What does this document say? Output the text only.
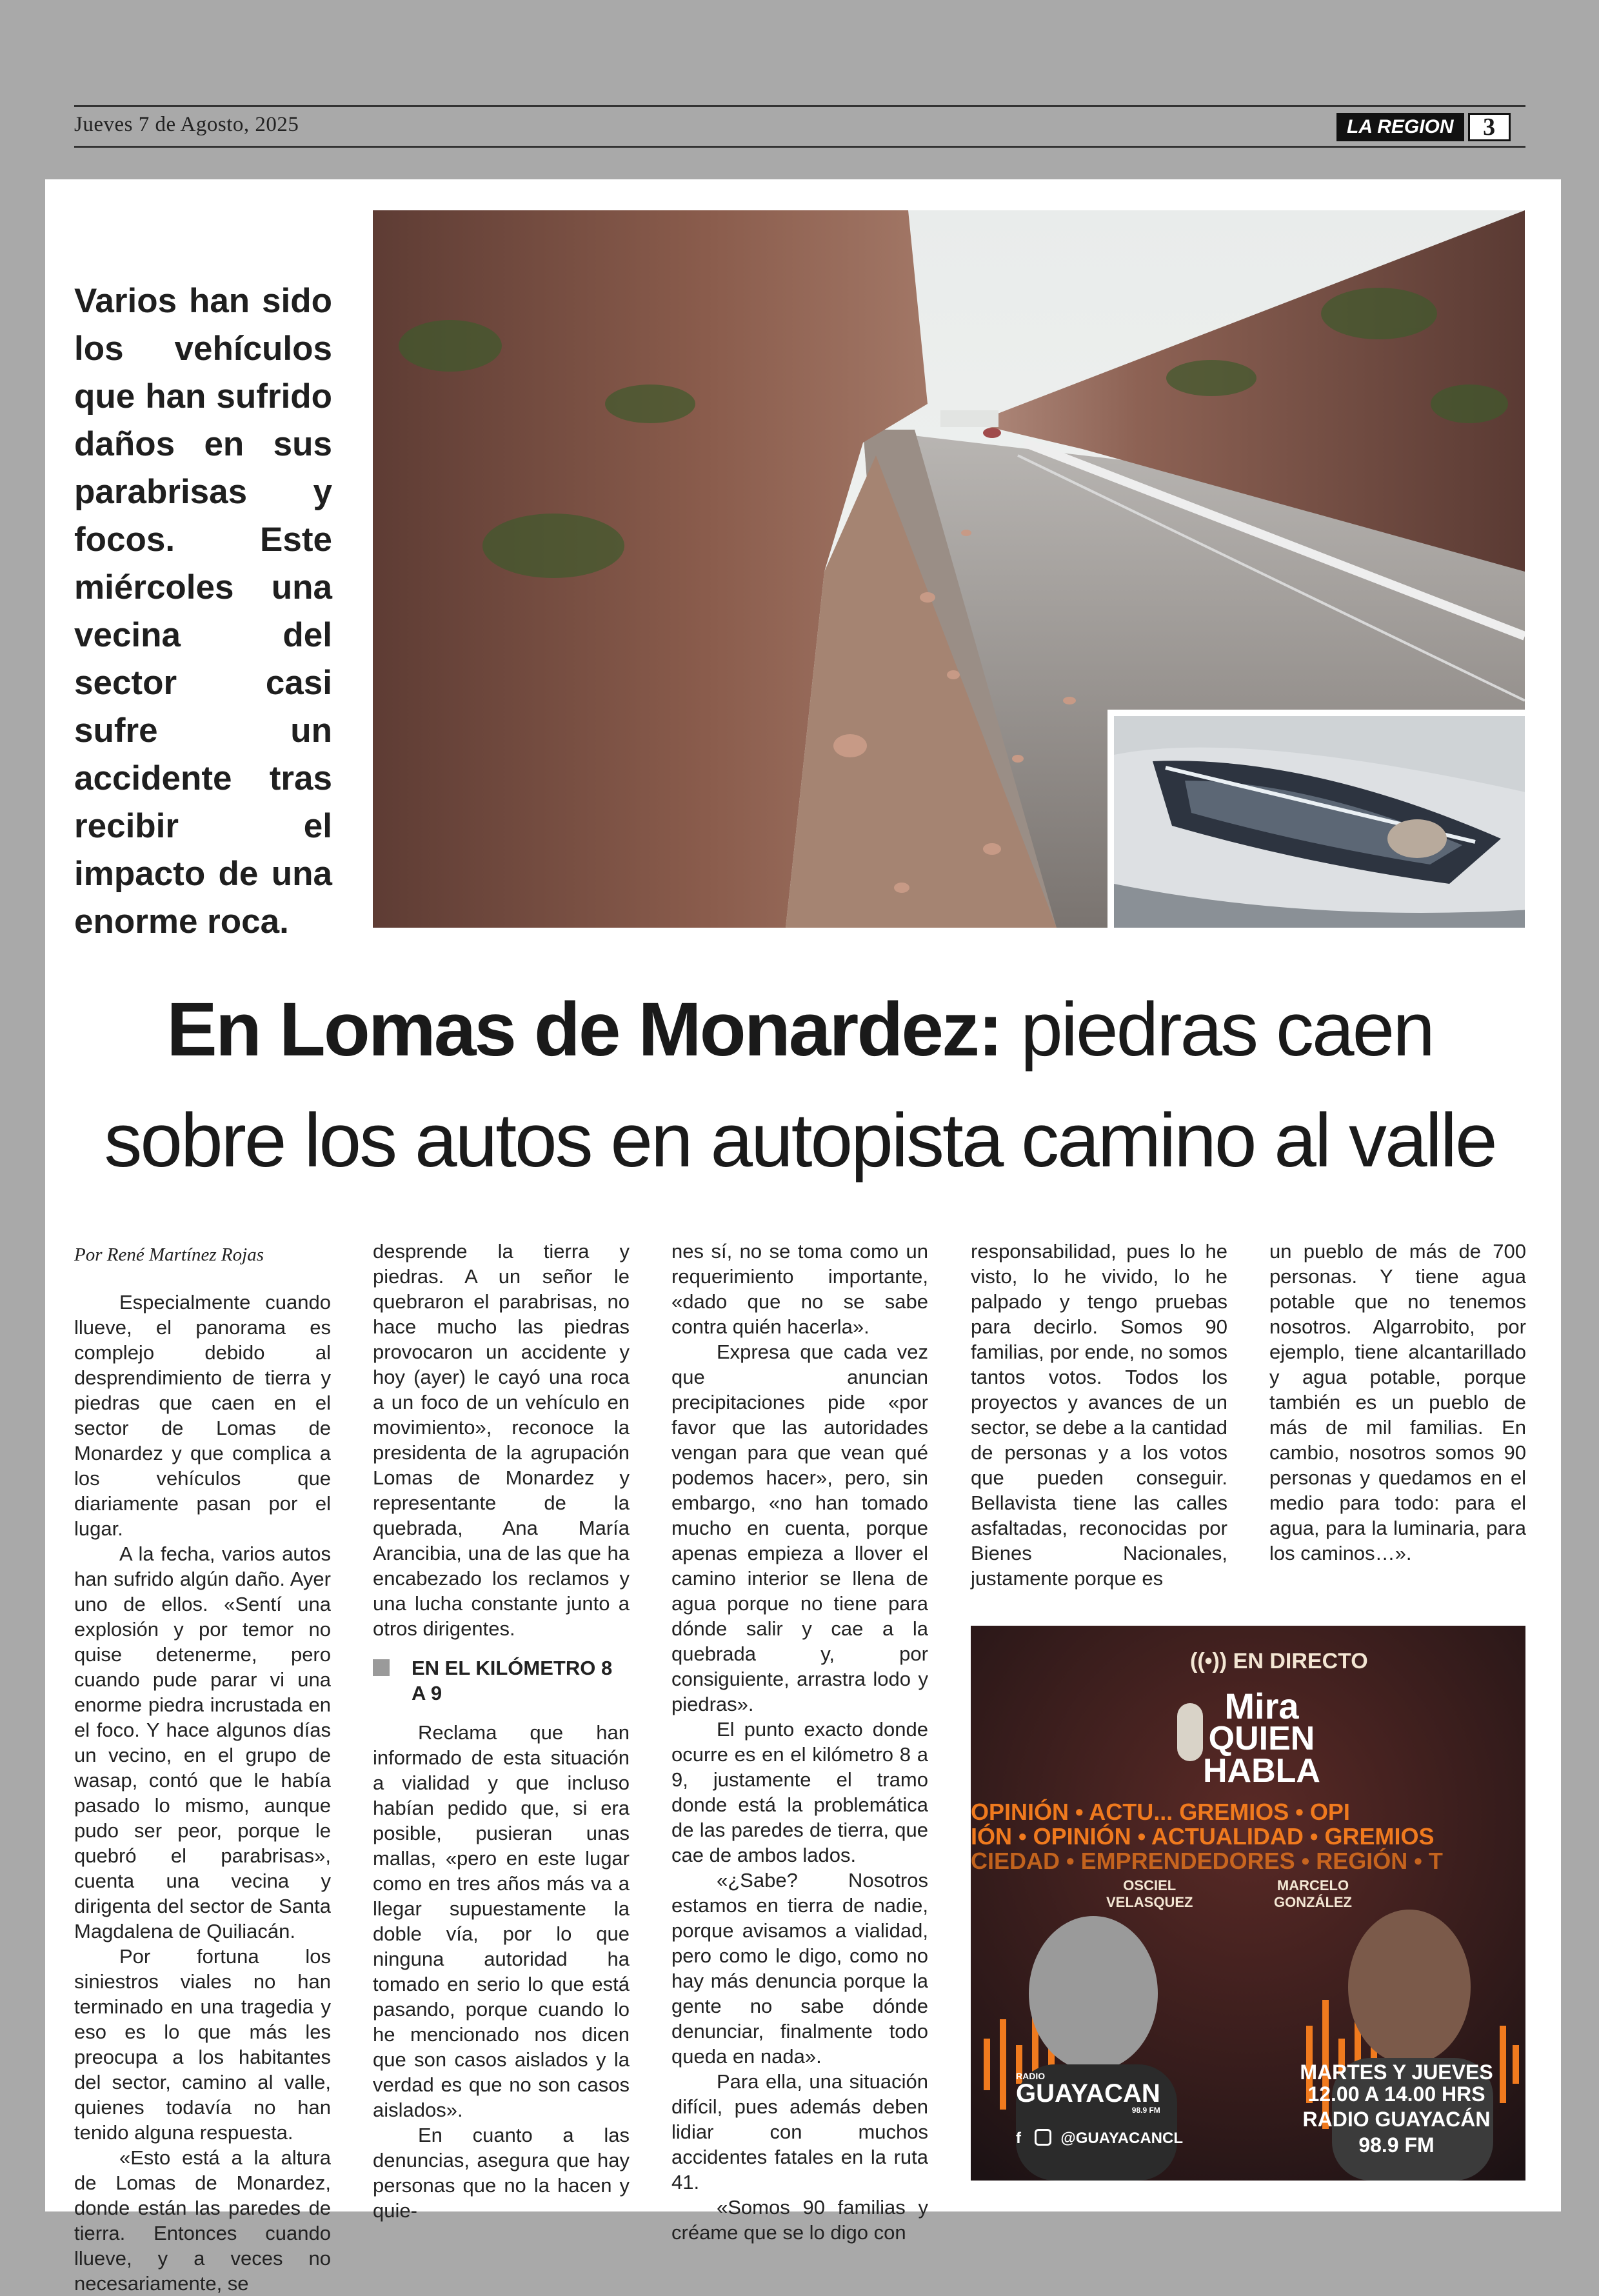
Jueves 7 de Agosto, 2025	LA REGION	3
Varios han sido los vehículos que han sufrido daños en sus parabrisas y focos. Este miércoles una vecina del sector casi sufre un accidente tras recibir el impacto de una enorme roca.
En Lomas de Monardez: piedras caen sobre los autos en autopista camino al valle
Por René Martínez Rojas

Especialmente cuando llueve, el panorama es complejo debido al desprendimiento de tierra y piedras que caen en el sector de Lomas de Monardez y que complica a los vehículos que diariamente pasan por el lugar.

A la fecha, varios autos han sufrido algún daño. Ayer uno de ellos. «Sentí una explosión y por temor no quise detenerme, pero cuando pude parar vi una enorme piedra incrustada en el foco. Y hace algunos días un vecino, en el grupo de wasap, contó que le había pasado lo mismo, aunque pudo ser peor, porque le quebró el parabrisas», cuenta una vecina y dirigenta del sector de Santa Magdalena de Quiliacán.

Por fortuna los siniestros viales no han terminado en una tragedia y eso es lo que más les preocupa a los habitantes del sector, camino al valle, quienes todavía no han tenido alguna respuesta.

«Esto está a la altura de Lomas de Monardez, donde están las paredes de tierra. Entonces cuando llueve, y a veces no necesariamente, se

desprende la tierra y piedras. A un señor le quebraron el parabrisas, no hace mucho las piedras provocaron un accidente y hoy (ayer) le cayó una roca a un foco de un vehículo en movimiento», reconoce la presidenta de la agrupación Lomas de Monardez y representante de la quebrada, Ana María Arancibia, una de las que ha encabezado los reclamos y una lucha constante junto a otros dirigentes.

EN EL KILÓMETRO 8 A 9

Reclama que han informado de esta situación a vialidad y que incluso habían pedido que, si era posible, pusieran unas mallas, «pero en este lugar como en tres años más va a llegar supuestamente la doble vía, por lo que ninguna autoridad ha tomado en serio lo que está pasando, porque cuando lo he mencionado nos dicen que son casos aislados y la verdad es que no son casos aislados».

En cuanto a las denuncias, asegura que hay personas que no la hacen y quie-

nes sí, no se toma como un requerimiento importante, «dado que no se sabe contra quién hacerla».

Expresa que cada vez que anuncian precipitaciones pide «por favor que las autoridades vengan para que vean qué podemos hacer», pero, sin embargo, «no han tomado mucho en cuenta, porque apenas empieza a llover el camino interior se llena de agua porque no tiene para dónde salir y cae a la quebrada y, por consiguiente, arrastra lodo y piedras».

El punto exacto donde ocurre es en el kilómetro 8 a 9, justamente el tramo donde está la problemática de las paredes de tierra, que cae de ambos lados.

«¿Sabe? Nosotros estamos en tierra de nadie, porque avisamos a vialidad, pero como le digo, como no hay más denuncia porque la gente no sabe dónde denunciar, finalmente todo queda en nada».

Para ella, una situación difícil, pues además deben lidiar con muchos accidentes fatales en la ruta 41.

«Somos 90 familias y créame que se lo digo con

responsabilidad, pues lo he visto, lo he vivido, lo he palpado y tengo pruebas para decirlo. Somos 90 familias, por ende, no somos tantos votos. Todos los proyectos y avances de un sector, se debe a la cantidad de personas y a los votos que pueden conseguir. Bellavista tiene las calles asfaltadas, reconocidas por Bienes Nacionales, justamente porque es

un pueblo de más de 700 personas. Y tiene agua potable que no tenemos nosotros. Algarrobito, por ejemplo, tiene alcantarillado y agua potable, porque también es un pueblo de más de mil familias. En cambio, nosotros somos 90 personas y quedamos en el medio para todo: para el agua, para la luminaria, para los caminos…».

((•)) EN DIRECTO
Mira
QUIEN
HABLA
OPINIÓN • ACTU... GREMIOS • OPI
IÓN • OPINIÓN • ACTUALIDAD • GREMIOS
CIEDAD • EMPRENDEDORES • REGIÓN • T
OSCIEL
VELASQUEZ
MARCELO
GONZÁLEZ
RADIO
GUAYACAN
98.9 FM
f	@GUAYACANCL
MARTES Y JUEVES
12.00 A 14.00 HRS
RADIO GUAYACÁN 98.9 FM
